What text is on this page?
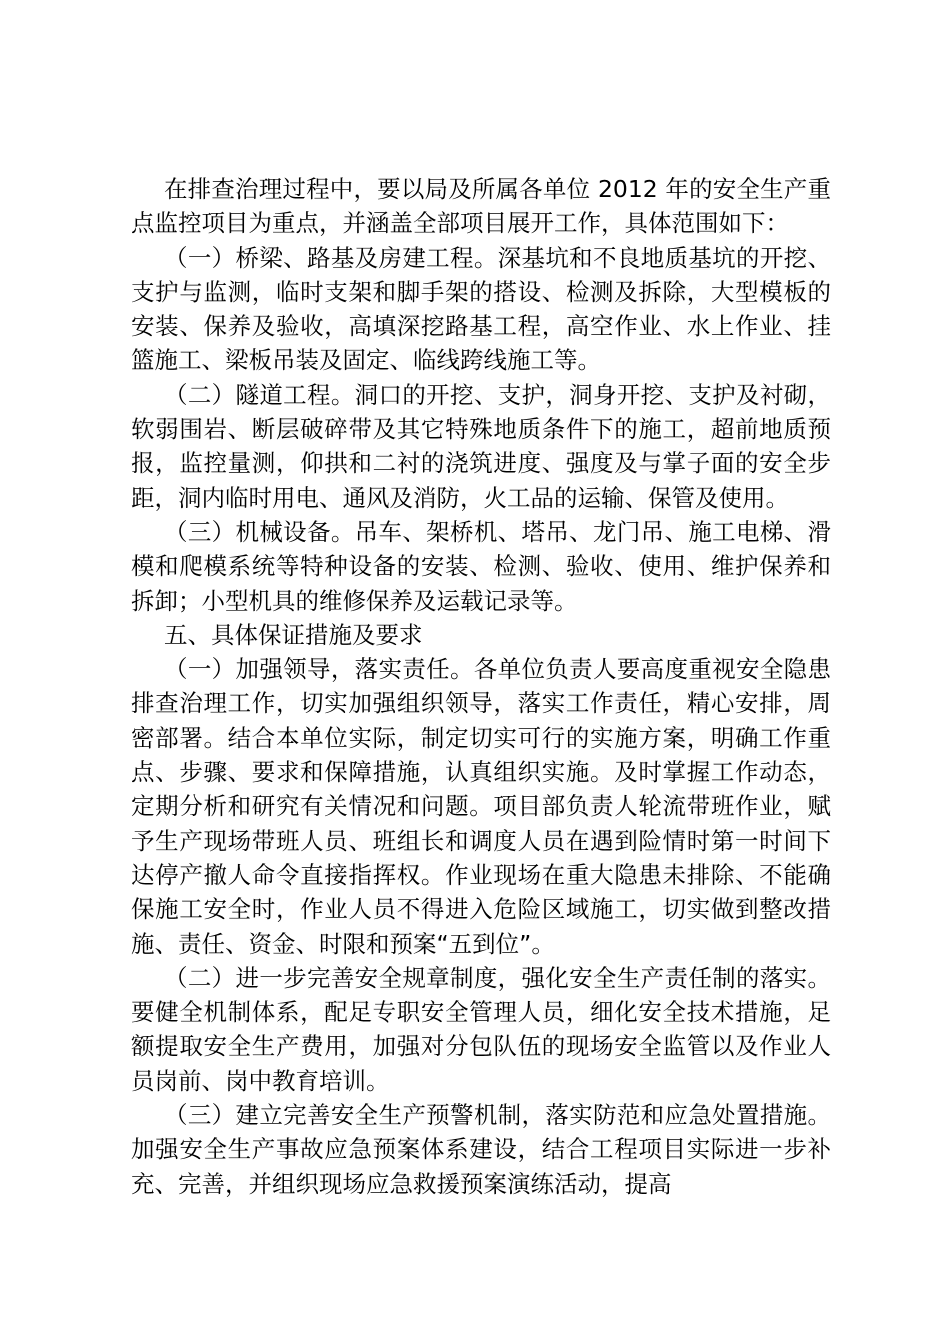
在排查治理过程中，要以局及所属各单位 2012 年的安全生产重点监控项目为重点，并涵盖全部项目展开工作，具体范围如下：

（一）桥梁、路基及房建工程。深基坑和不良地质基坑的开挖、支护与监测，临时支架和脚手架的搭设、检测及拆除，大型模板的安装、保养及验收，高填深挖路基工程，高空作业、水上作业、挂篮施工、梁板吊装及固定、临线跨线施工等。

（二）隧道工程。洞口的开挖、支护，洞身开挖、支护及衬砌，软弱围岩、断层破碎带及其它特殊地质条件下的施工，超前地质预报，监控量测，仰拱和二衬的浇筑进度、强度及与掌子面的安全步距，洞内临时用电、通风及消防，火工品的运输、保管及使用。

（三）机械设备。吊车、架桥机、塔吊、龙门吊、施工电梯、滑模和爬模系统等特种设备的安装、检测、验收、使用、维护保养和拆卸；小型机具的维修保养及运载记录等。

五、具体保证措施及要求

（一）加强领导，落实责任。各单位负责人要高度重视安全隐患排查治理工作，切实加强组织领导，落实工作责任，精心安排，周密部署。结合本单位实际，制定切实可行的实施方案，明确工作重点、步骤、要求和保障措施，认真组织实施。及时掌握工作动态，定期分析和研究有关情况和问题。项目部负责人轮流带班作业，赋予生产现场带班人员、班组长和调度人员在遇到险情时第一时间下达停产撤人命令直接指挥权。作业现场在重大隐患未排除、不能确保施工安全时，作业人员不得进入危险区域施工，切实做到整改措施、责任、资金、时限和预案“五到位”。

（二）进一步完善安全规章制度，强化安全生产责任制的落实。要健全机制体系，配足专职安全管理人员，细化安全技术措施，足额提取安全生产费用，加强对分包队伍的现场安全监管以及作业人员岗前、岗中教育培训。

（三）建立完善安全生产预警机制，落实防范和应急处置措施。加强安全生产事故应急预案体系建设，结合工程项目实际进一步补充、完善，并组织现场应急救援预案演练活动，提高
